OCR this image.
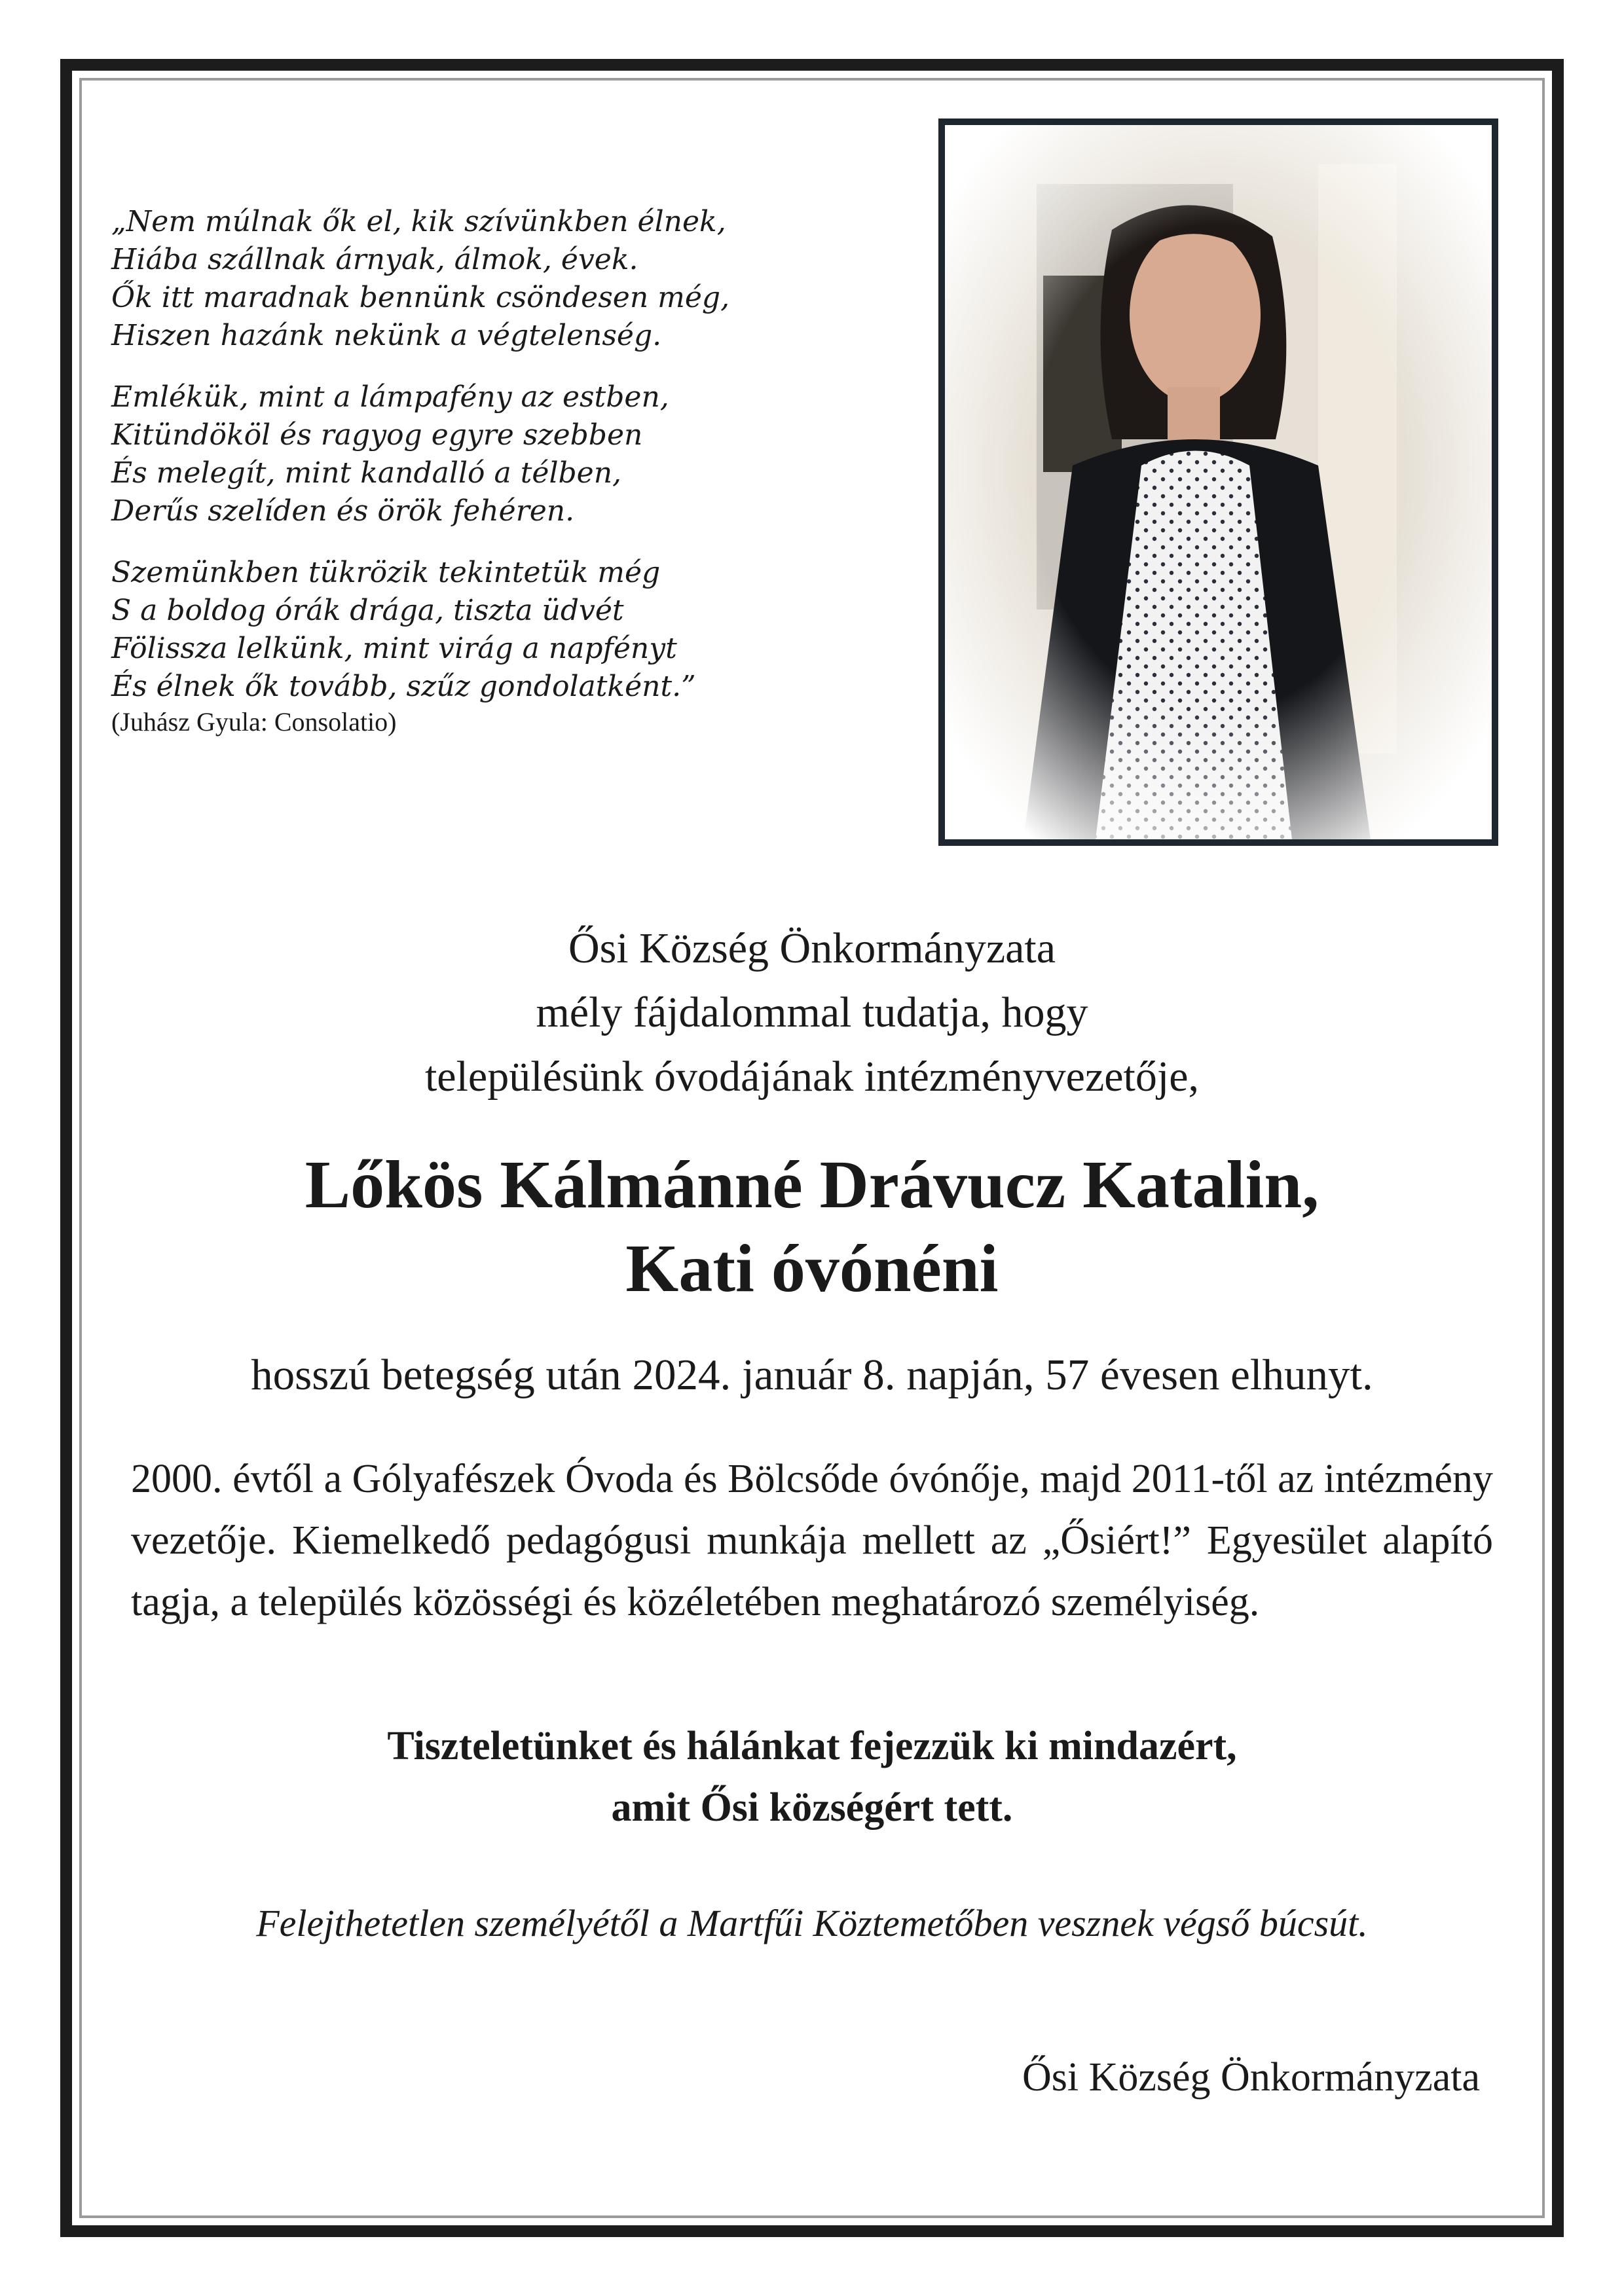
„Nem múlnak ők el, kik szívünkben élnek,
Hiába szállnak árnyak, álmok, évek.
Ők itt maradnak bennünk csöndesen még,
Hiszen hazánk nekünk a végtelenség.
Emlékük, mint a lámpafény az estben,
Kitündököl és ragyog egyre szebben
És melegít, mint kandalló a télben,
Derűs szelíden és örök fehéren.
Szemünkben tükrözik tekintetük még
S a boldog órák drága, tiszta üdvét
Fölissza lelkünk, mint virág a napfényt
És élnek ők tovább, szűz gondolatként.”
(Juhász Gyula: Consolatio)
Ősi Község Önkormányzata
mély fájdalommal tudatja, hogy
településünk óvodájának intézményvezetője,
Lőkös Kálmánné Drávucz Katalin,
Kati óvónéni
hosszú betegség után 2024. január 8. napján, 57 évesen elhunyt.
2000. évtől a Gólyafészek Óvoda és Bölcsőde óvónője, majd 2011-től az intézmény vezetője. Kiemelkedő pedagógusi munkája mellett az „Ősiért!” Egyesület alapító tagja, a település közösségi és közéletében meghatározó személyiség.
Tiszteletünket és hálánkat fejezzük ki mindazért,
amit Ősi községért tett.
Felejthetetlen személyétől a Martfűi Köztemetőben vesznek végső búcsút.
Ősi Község Önkormányzata
